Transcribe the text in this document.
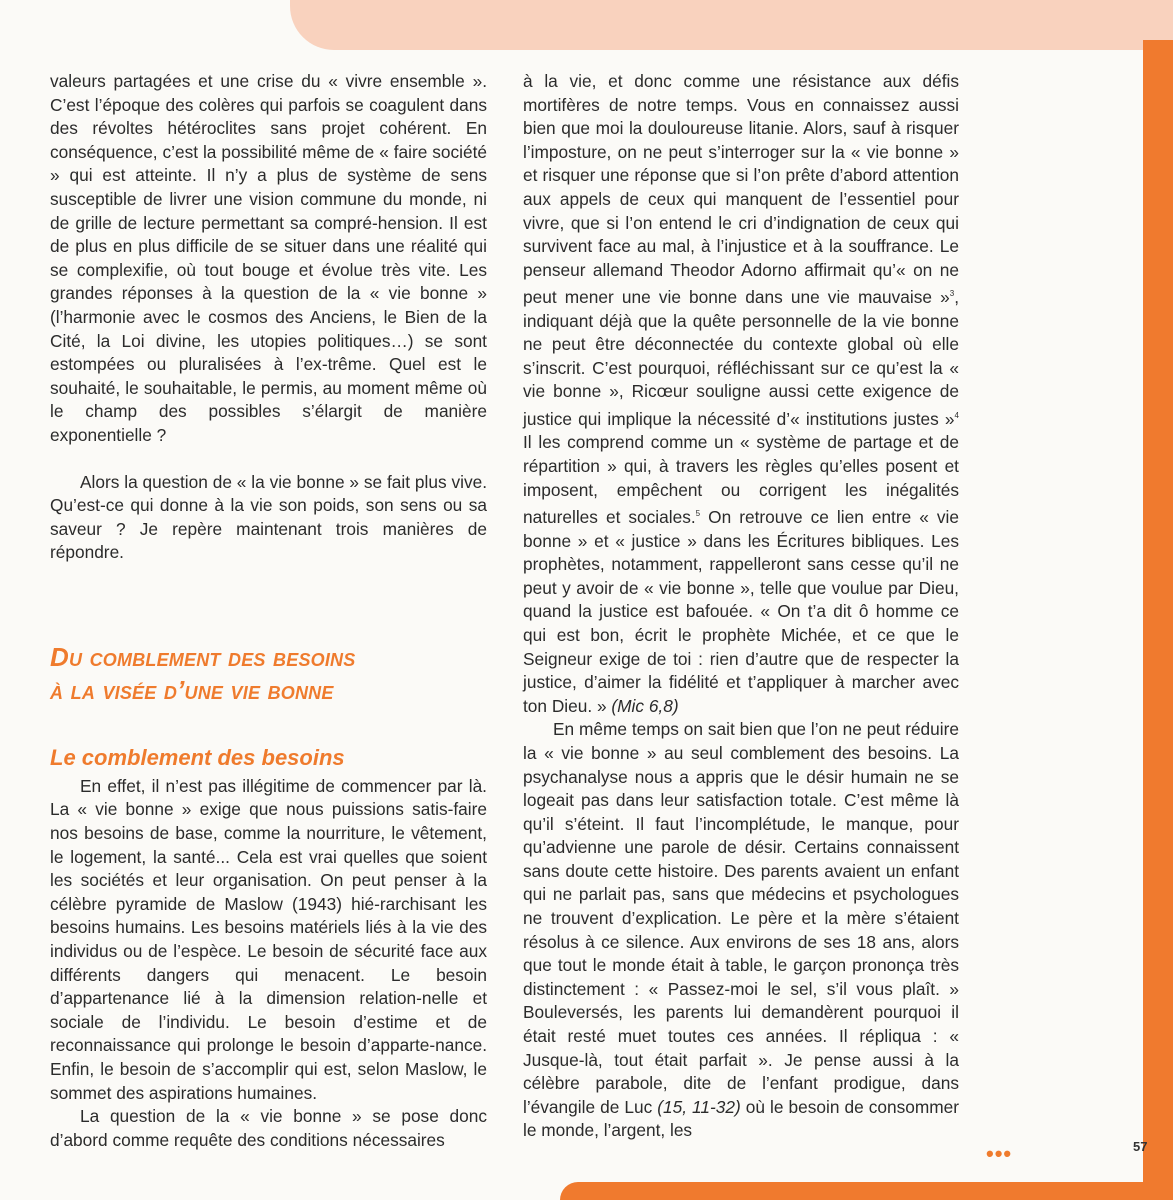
valeurs partagées et une crise du « vivre ensemble ». C’est l’époque des colères qui parfois se coagulent dans des révoltes hétéroclites sans projet cohérent. En conséquence, c’est la possibilité même de « faire société » qui est atteinte. Il n’y a plus de système de sens susceptible de livrer une vision commune du monde, ni de grille de lecture permettant sa compré-hension. Il est de plus en plus difficile de se situer dans une réalité qui se complexifie, où tout bouge et évolue très vite. Les grandes réponses à la question de la « vie bonne » (l’harmonie avec le cosmos des Anciens, le Bien de la Cité, la Loi divine, les utopies politiques…) se sont estompées ou pluralisées à l’ex-trême. Quel est le souhaité, le souhaitable, le permis, au moment même où le champ des possibles s’élargit de manière exponentielle ?

Alors la question de « la vie bonne » se fait plus vive. Qu’est-ce qui donne à la vie son poids, son sens ou sa saveur ? Je repère maintenant trois manières de répondre.

Du comblement des besoins
à la visée d’une vie bonne
Le comblement des besoins

En effet, il n’est pas illégitime de commencer par là. La « vie bonne » exige que nous puissions satis-faire nos besoins de base, comme la nourriture, le vêtement, le logement, la santé... Cela est vrai quelles que soient les sociétés et leur organisation. On peut penser à la célèbre pyramide de Maslow (1943) hié-rarchisant les besoins humains. Les besoins matériels liés à la vie des individus ou de l’espèce. Le besoin de sécurité face aux différents dangers qui menacent. Le besoin d’appartenance lié à la dimension relation-nelle et sociale de l’individu. Le besoin d’estime et de reconnaissance qui prolonge le besoin d’apparte-nance. Enfin, le besoin de s’accomplir qui est, selon Maslow, le sommet des aspirations humaines.

La question de la « vie bonne » se pose donc d’abord comme requête des conditions nécessaires

à la vie, et donc comme une résistance aux défis mortifères de notre temps. Vous en connaissez aussi bien que moi la douloureuse litanie. Alors, sauf à risquer l’imposture, on ne peut s’interroger sur la « vie bonne » et risquer une réponse que si l’on prête d’abord attention aux appels de ceux qui manquent de l’essentiel pour vivre, que si l’on entend le cri d’indignation de ceux qui survivent face au mal, à l’injustice et à la souffrance. Le penseur allemand Theodor Adorno affirmait qu’« on ne peut mener une vie bonne dans une vie mauvaise »$^3$, indiquant déjà que la quête personnelle de la vie bonne ne peut être déconnectée du contexte global où elle s’inscrit. C’est pourquoi, réfléchissant sur ce qu’est la « vie bonne », Ricœur souligne aussi cette exigence de justice qui implique la nécessité d’« institutions justes »$^4$ Il les comprend comme un « système de partage et de répartition » qui, à travers les règles qu’elles posent et imposent, empêchent ou corrigent les inégalités naturelles et sociales.$^5$ On retrouve ce lien entre « vie bonne » et « justice » dans les Écritures bibliques. Les prophètes, notamment, rappelleront sans cesse qu’il ne peut y avoir de « vie bonne », telle que voulue par Dieu, quand la justice est bafouée. « On t’a dit ô homme ce qui est bon, écrit le prophète Michée, et ce que le Seigneur exige de toi : rien d’autre que de respecter la justice, d’aimer la fidélité et t’appliquer à marcher avec ton Dieu. » (Mic 6,8)

En même temps on sait bien que l’on ne peut réduire la « vie bonne » au seul comblement des besoins. La psychanalyse nous a appris que le désir humain ne se logeait pas dans leur satisfaction totale. C’est même là qu’il s’éteint. Il faut l’incomplétude, le manque, pour qu’advienne une parole de désir. Certains connaissent sans doute cette histoire. Des parents avaient un enfant qui ne parlait pas, sans que médecins et psychologues ne trouvent d’explication. Le père et la mère s’étaient résolus à ce silence. Aux environs de ses 18 ans, alors que tout le monde était à table, le garçon prononça très distinctement : « Passez-moi le sel, s’il vous plaît. » Bouleversés, les parents lui demandèrent pourquoi il était resté muet toutes ces années. Il répliqua : « Jusque-là, tout était parfait ». Je pense aussi à la célèbre parabole, dite de l’enfant prodigue, dans l’évangile de Luc (15, 11-32) où le besoin de consommer le monde, l’argent, les

•••	57
